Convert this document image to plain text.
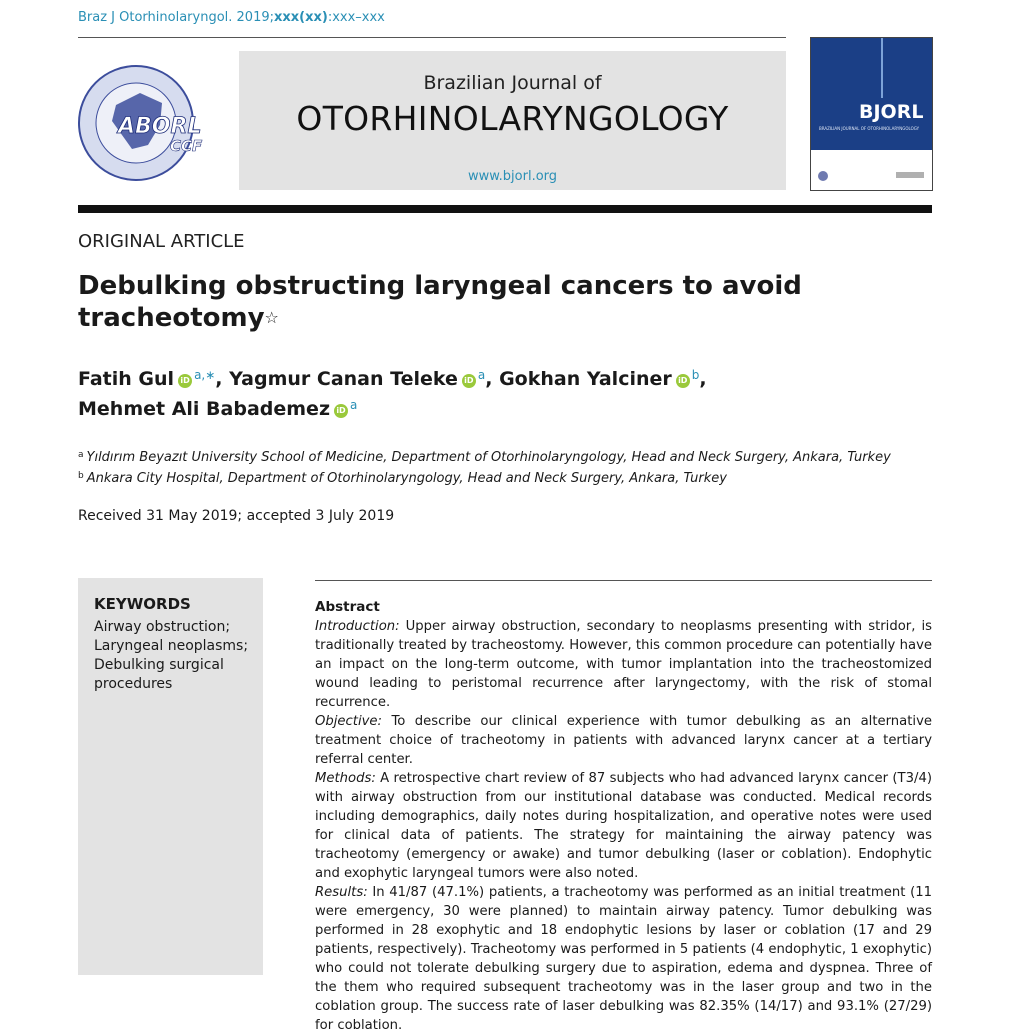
Braz J Otorhinolaryngol. 2019;xxx(xx):xxx–xxx
ABORL
CCF
Brazilian Journal of
OTORHINOLARYNGOLOGY
www.bjorl.org
BJORL
BRAZILIAN JOURNAL OF OTORHINOLARYNGOLOGY
ORIGINAL ARTICLE
Debulking obstructing laryngeal cancers to avoid tracheotomy☆
Fatih Gul iD $^{a,∗}$, Yagmur Canan Teleke iD $^a$, Gokhan Yalciner iD $^b$,
Mehmet Ali Babademez iD $^a$
$^a$ Yıldırım Beyazıt University School of Medicine, Department of Otorhinolaryngology, Head and Neck Surgery, Ankara, Turkey
$^b$ Ankara City Hospital, Department of Otorhinolaryngology, Head and Neck Surgery, Ankara, Turkey
Received 31 May 2019; accepted 3 July 2019
KEYWORDS
Airway obstruction;
Laryngeal neoplasms;
Debulking surgical procedures
Abstract

Introduction: Upper airway obstruction, secondary to neoplasms presenting with stridor, is traditionally treated by tracheostomy. However, this common procedure can potentially have an impact on the long-term outcome, with tumor implantation into the tracheostomized wound leading to peristomal recurrence after laryngectomy, with the risk of stomal recurrence.

Objective: To describe our clinical experience with tumor debulking as an alternative treatment choice of tracheotomy in patients with advanced larynx cancer at a tertiary referral center.

Methods: A retrospective chart review of 87 subjects who had advanced larynx cancer (T3/4) with airway obstruction from our institutional database was conducted. Medical records including demographics, daily notes during hospitalization, and operative notes were used for clinical data of patients. The strategy for maintaining the airway patency was tracheotomy (emergency or awake) and tumor debulking (laser or coblation). Endophytic and exophytic laryngeal tumors were also noted.

Results: In 41/87 (47.1%) patients, a tracheotomy was performed as an initial treatment (11 were emergency, 30 were planned) to maintain airway patency. Tumor debulking was performed in 28 exophytic and 18 endophytic lesions by laser or coblation (17 and 29 patients, respectively). Tracheotomy was performed in 5 patients (4 endophytic, 1 exophytic) who could not tolerate debulking surgery due to aspiration, edema and dyspnea. Three of the them who required subsequent tracheotomy was in the laser group and two in the coblation group. The success rate of laser debulking was 82.35% (14/17) and 93.1% (27/29) for coblation.
